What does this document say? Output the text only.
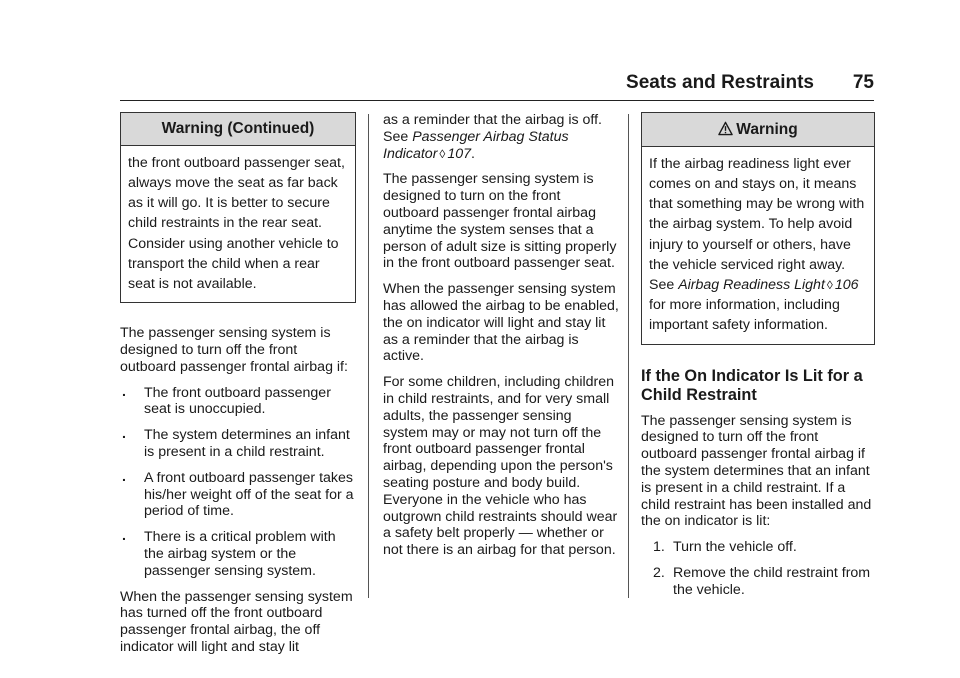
Seats and Restraints 75
Warning (Continued)
the front outboard passenger seat, always move the seat as far back as it will go. It is better to secure child restraints in the rear seat. Consider using another vehicle to transport the child when a rear seat is not available.

The passenger sensing system is designed to turn off the front outboard passenger frontal airbag if:

. The front outboard passenger seat is unoccupied.
. The system determines an infant is present in a child restraint.
. A front outboard passenger takes his/her weight off of the seat for a period of time.
. There is a critical problem with the airbag system or the passenger sensing system.

When the passenger sensing system has turned off the front outboard passenger frontal airbag, the off indicator will light and stay lit

as a reminder that the airbag is off. See Passenger Airbag Status Indicator ◊ 107.

The passenger sensing system is designed to turn on the front outboard passenger frontal airbag anytime the system senses that a person of adult size is sitting properly in the front outboard passenger seat.

When the passenger sensing system has allowed the airbag to be enabled, the on indicator will light and stay lit as a reminder that the airbag is active.

For some children, including children in child restraints, and for very small adults, the passenger sensing system may or may not turn off the front outboard passenger frontal airbag, depending upon the person's seating posture and body build. Everyone in the vehicle who has outgrown child restraints should wear a safety belt properly — whether or not there is an airbag for that person.

Warning
If the airbag readiness light ever comes on and stays on, it means that something may be wrong with the airbag system. To help avoid injury to yourself or others, have the vehicle serviced right away. See Airbag Readiness Light ◊ 106 for more information, including important safety information.
If the On Indicator Is Lit for a Child Restraint

The passenger sensing system is designed to turn off the front outboard passenger frontal airbag if the system determines that an infant is present in a child restraint. If a child restraint has been installed and the on indicator is lit:

1. Turn the vehicle off.
2. Remove the child restraint from the vehicle.
